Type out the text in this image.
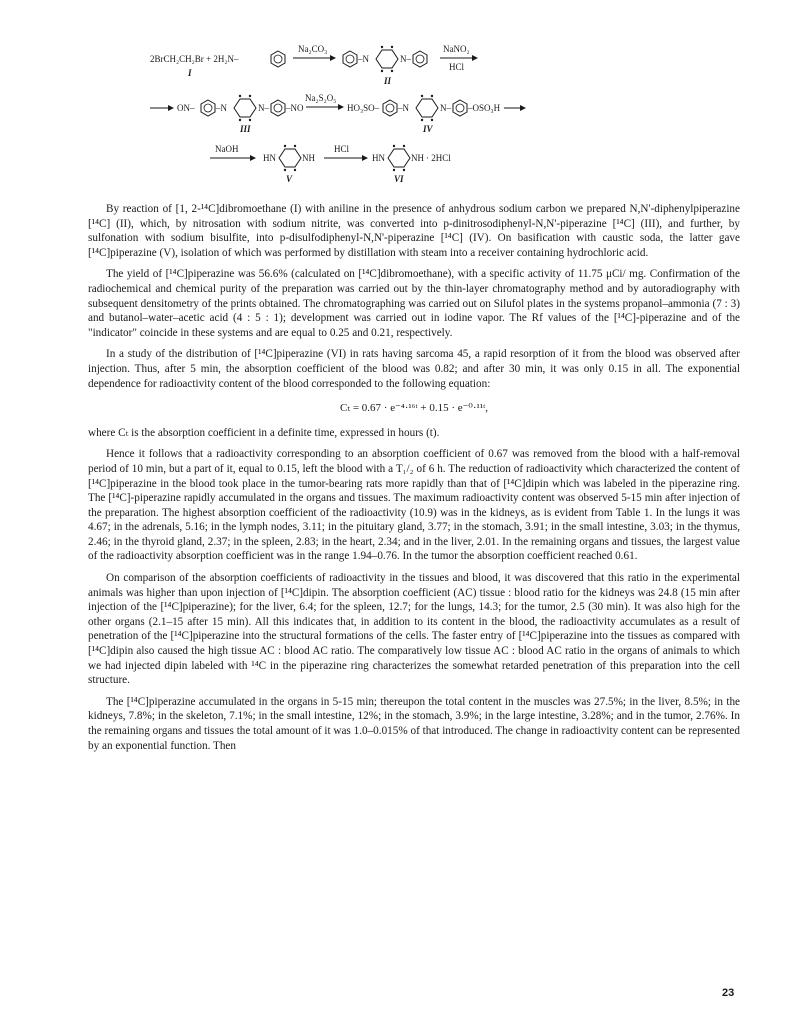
2BrCH₂CH₂Br + 2H₂N–
I
Na₂CO₃
–N	N–
II
NaNO₂
HCl
ON– –N	N– –NO
III
Na₂S₂O₅
HO₃SO– –N	N– –OSO₃H
IV
NaOH
HN	NH
V
HCl
HN	NH · 2HCl
VI

By reaction of [1, 2-¹⁴C]dibromoethane (I) with aniline in the presence of anhydrous sodium carbon we prepared N,N'-diphenylpiperazine [¹⁴C] (II), which, by nitrosation with sodium nitrite, was converted into p-dinitrosodiphenyl-N,N'-piperazine [¹⁴C] (III), and further, by sulfonation with sodium bisulfite, into p-disulfodiphenyl-N,N'-piperazine [¹⁴C] (IV). On basification with caustic soda, the latter gave [¹⁴C]piperazine (V), isolation of which was performed by distillation with steam into a receiver containing hydrochloric acid.

The yield of [¹⁴C]piperazine was 56.6% (calculated on [¹⁴C]dibromoethane), with a specific activity of 11.75 μCi/ mg. Confirmation of the radiochemical and chemical purity of the preparation was carried out by the thin-layer chromatography method and by autoradiography with subsequent densitometry of the prints obtained. The chromatographing was carried out on Silufol plates in the systems propanol–ammonia (7 : 3) and butanol–water–acetic acid (4 : 5 : 1); development was carried out in iodine vapor. The Rf values of the [¹⁴C]-piperazine and of the "indicator" coincide in these systems and are equal to 0.25 and 0.21, respectively.

In a study of the distribution of [¹⁴C]piperazine (VI) in rats having sarcoma 45, a rapid resorption of it from the blood was observed after injection. Thus, after 5 min, the absorption coefficient of the blood was 0.82; and after 30 min, it was only 0.15 in all. The exponential dependence for radioactivity content of the blood corresponded to the following equation:

Cₜ = 0.67 · e⁻⁴·¹⁶ᵗ + 0.15 · e⁻⁰·¹¹ᵗ,

where Cₜ is the absorption coefficient in a definite time, expressed in hours (t).

Hence it follows that a radioactivity corresponding to an absorption coefficient of 0.67 was removed from the blood with a half-removal period of 10 min, but a part of it, equal to 0.15, left the blood with a T₁/₂ of 6 h. The reduction of radioactivity which characterized the content of [¹⁴C]piperazine in the blood took place in the tumor-bearing rats more rapidly than that of [¹⁴C]dipin which was labeled in the piperazine ring. The [¹⁴C]-piperazine rapidly accumulated in the organs and tissues. The maximum radioactivity content was observed 5-15 min after injection of the preparation. The highest absorption coefficient of the radioactivity (10.9) was in the kidneys, as is evident from Table 1. In the lungs it was 4.67; in the adrenals, 5.16; in the lymph nodes, 3.11; in the pituitary gland, 3.77; in the stomach, 3.91; in the small intestine, 3.03; in the thymus, 2.46; in the thyroid gland, 2.37; in the spleen, 2.83; in the heart, 2.34; and in the liver, 2.01. In the remaining organs and tissues, the largest value of the radioactivity absorption coefficient was in the range 1.94–0.76. In the tumor the absorption coefficient reached 0.61.

On comparison of the absorption coefficients of radioactivity in the tissues and blood, it was discovered that this ratio in the experimental animals was higher than upon injection of [¹⁴C]dipin. The absorption coefficient (AC) tissue : blood ratio for the kidneys was 24.8 (15 min after injection of the [¹⁴C]piperazine); for the liver, 6.4; for the spleen, 12.7; for the lungs, 14.3; for the tumor, 2.5 (30 min). It was also high for the other organs (2.1–15 after 15 min). All this indicates that, in addition to its content in the blood, the radioactivity accumulates as a result of penetration of the [¹⁴C]piperazine into the structural formations of the cells. The faster entry of [¹⁴C]piperazine into the tissues as compared with [¹⁴C]dipin also caused the high tissue AC : blood AC ratio. The comparatively low tissue AC : blood AC ratio in the organs of animals to which we had injected dipin labeled with ¹⁴C in the piperazine ring characterizes the somewhat retarded penetration of this preparation into the cell structure.

The [¹⁴C]piperazine accumulated in the organs in 5-15 min; thereupon the total content in the muscles was 27.5%; in the liver, 8.5%; in the kidneys, 7.8%; in the skeleton, 7.1%; in the small intestine, 12%; in the stomach, 3.9%; in the large intestine, 3.28%; and in the tumor, 2.76%. In the remaining organs and tissues the total amount of it was 1.0–0.015% of that introduced. The change in radioactivity content can be represented by an exponential function. Then

23
